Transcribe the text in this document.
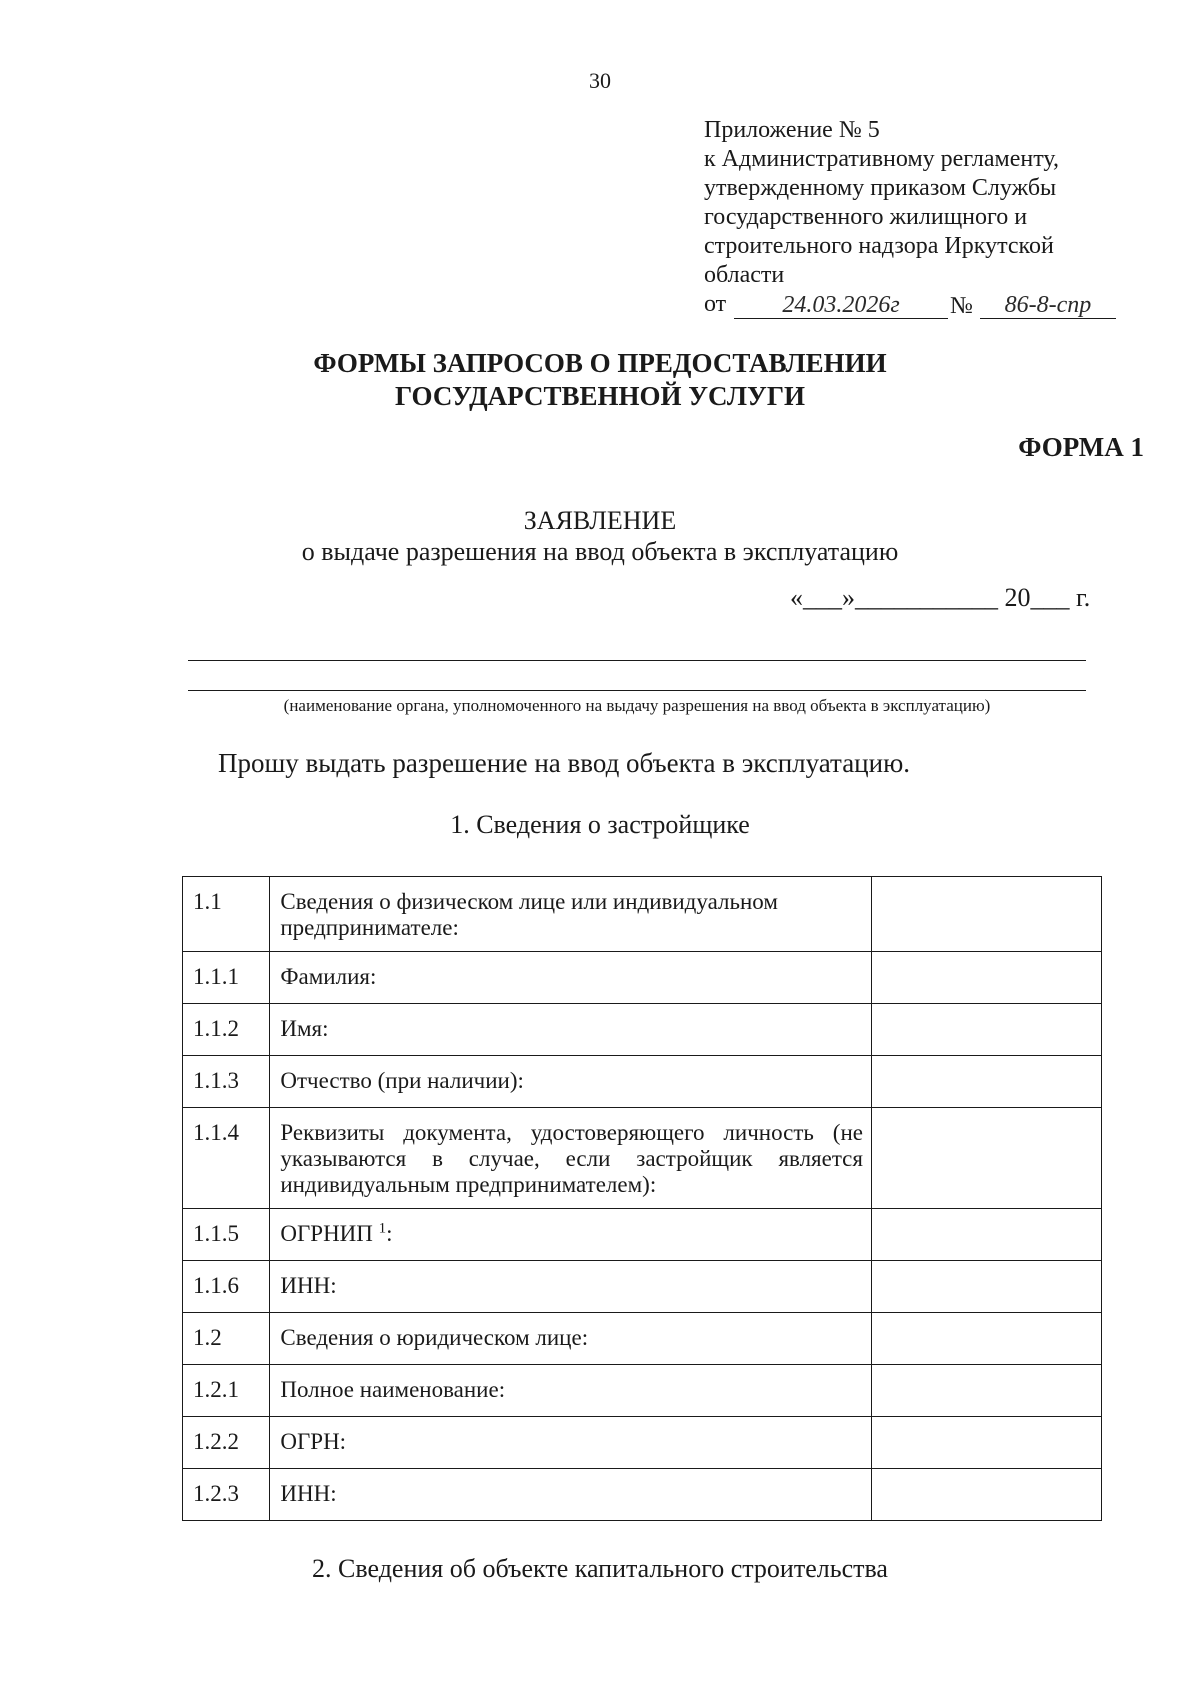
30
Приложение № 5
к Административному регламенту,
утвержденному приказом Службы
государственного жилищного и
строительного надзора Иркутской
области
от	24.03.2026г	№	86-8-спр
ФОРМЫ ЗАПРОСОВ О ПРЕДОСТАВЛЕНИИ
ГОСУДАРСТВЕННОЙ УСЛУГИ
ФОРМА 1
ЗАЯВЛЕНИЕ
о выдаче разрешения на ввод объекта в эксплуатацию
«___»___________ 20___ г.
(наименование органа, уполномоченного на выдачу разрешения на ввод объекта в эксплуатацию)
Прошу выдать разрешение на ввод объекта в эксплуатацию.
1. Сведения о застройщике
1.1	Сведения о физическом лице или индивидуальном предпринимателе:	
1.1.1	Фамилия:	
1.1.2	Имя:	
1.1.3	Отчество (при наличии):	
1.1.4	Реквизиты документа, удостоверяющего личность (не указываются в случае, если застройщик является индивидуальным предпринимателем):	
1.1.5	ОГРНИП $^1$:	
1.1.6	ИНН:	
1.2	Сведения о юридическом лице:	
1.2.1	Полное наименование:	
1.2.2	ОГРН:	
1.2.3	ИНН:	
2. Сведения об объекте капитального строительства
